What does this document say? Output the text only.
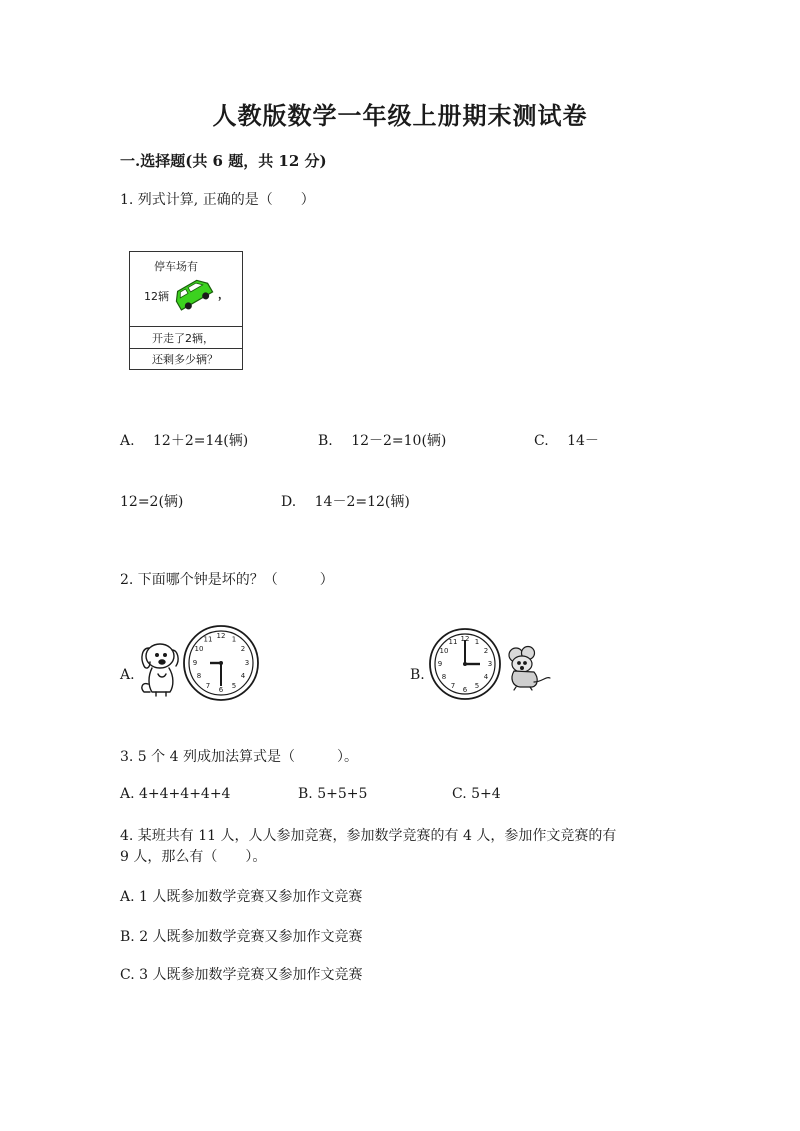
人教版数学一年级上册期末测试卷
一.选择题(共 6 题，共 12 分)
1. 列式计算, 正确的是（　　）
停车场有
12辆	，
开走了2辆，
还剩多少辆？
A.　 12＋2=14(辆)	B.　 12－2=10(辆)	C.　 14－
12=2(辆)	D.　 14－2=12(辆)
2. 下面哪个钟是坏的？（　　　）
A.
12 1
2
3
4
5
6
7
8
9
10
11
B.
12 1
2
3
4
5
6
7
8
9
10
11
3. 5 个 4 列成加法算式是（　　　）。
A. 4+4+4+4+4	B. 5+5+5	C. 5+4
4. 某班共有 11 人，人人参加竞赛，参加数学竞赛的有 4 人，参加作文竞赛的有
9 人，那么有（　　）。
A. 1 人既参加数学竞赛又参加作文竞赛
B. 2 人既参加数学竞赛又参加作文竞赛
C. 3 人既参加数学竞赛又参加作文竞赛
